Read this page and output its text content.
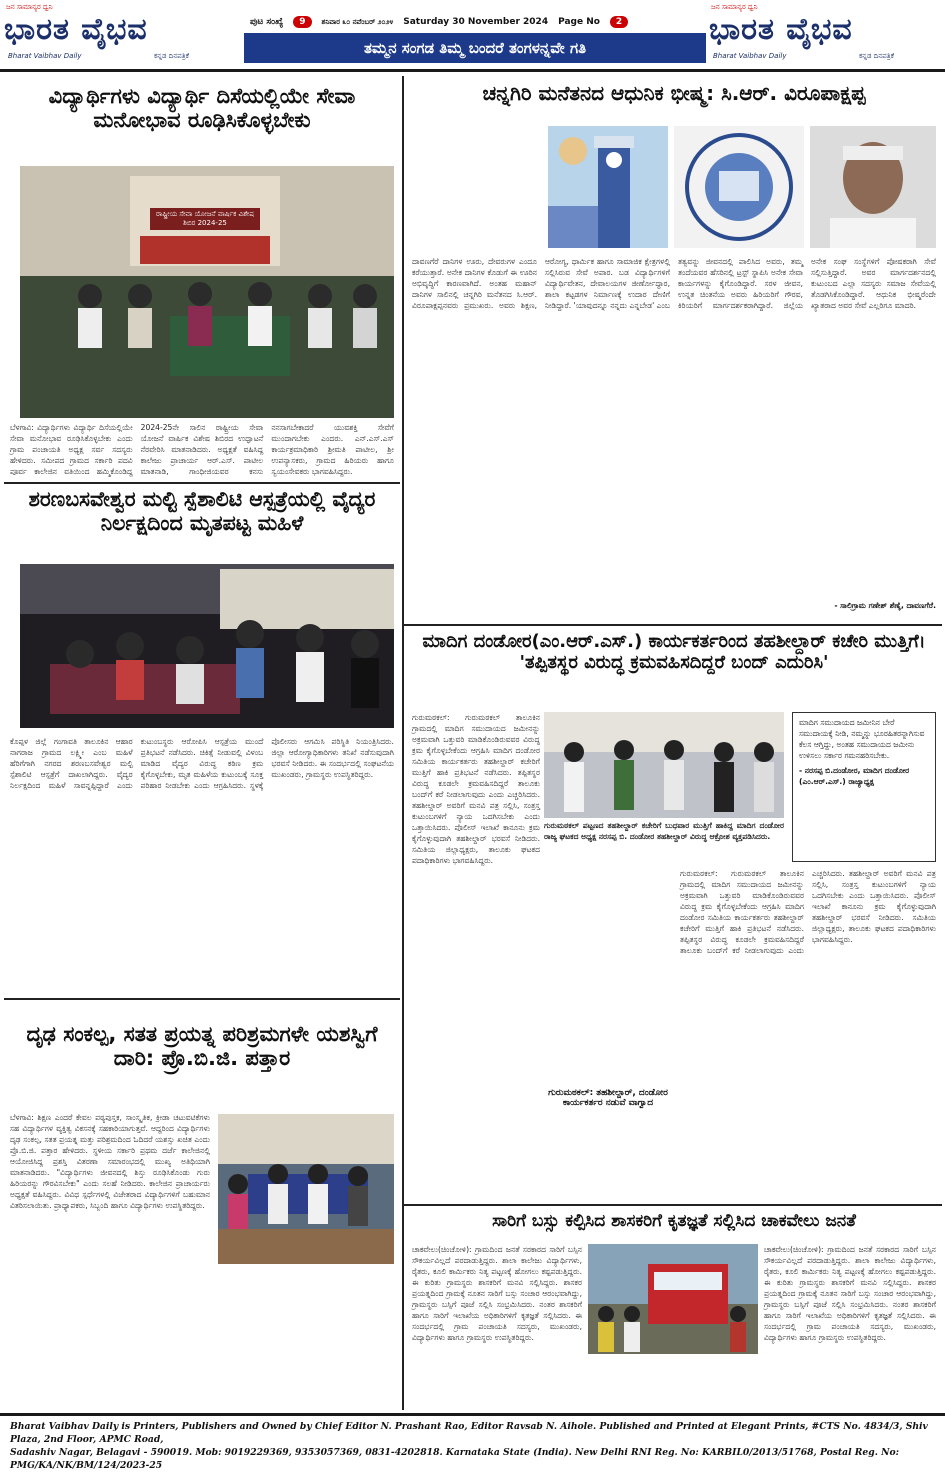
ಜನ ಸಾಮಾನ್ಯರ ಧ್ವನಿ
ಭಾರತ ವೈಭವ
Bharat Vaibhav Daily	ಕನ್ನಡ ದಿನಪತ್ರಿಕೆ
ಪುಟ ಸಂಖ್ಯೆ	9	ಶನಿವಾರ ೩೦ ನವೆಂಬರ್ ೨೦೨೪ Saturday 30 November 2024 Page No	2
ತಮ್ಮನ ಸಂಗಡ ತಿಮ್ಮ ಬಂದರೆ ತಂಗಳನ್ನವೇ ಗತಿ
ಜನ ಸಾಮಾನ್ಯರ ಧ್ವನಿ
ಭಾರತ ವೈಭವ
Bharat Vaibhav Daily	ಕನ್ನಡ ದಿನಪತ್ರಿಕೆ
ವಿದ್ಯಾರ್ಥಿಗಳು ವಿದ್ಯಾರ್ಥಿ ದಿಸೆಯಲ್ಲಿಯೇ ಸೇವಾ ಮನೋಭಾವ ರೂಢಿಸಿಕೊಳ್ಳಬೇಕು
ರಾಷ್ಟ್ರೀಯ ಸೇವಾ ಯೋಜನೆ ವಾರ್ಷಿಕ ವಿಶೇಷ ಶಿಬಿರ 2024-25
ಬೆಳಗಾವಿ: ವಿದ್ಯಾರ್ಥಿಗಳು ವಿದ್ಯಾರ್ಥಿ ದಿಸೆಯಲ್ಲಿಯೇ ಸೇವಾ ಮನೋಭಾವ ರೂಢಿಸಿಕೊಳ್ಳಬೇಕು ಎಂದು ಗ್ರಾಮ ಪಂಚಾಯತಿ ಅಧ್ಯಕ್ಷ ಸರ್ವ ಸದಸ್ಯರು ಹೇಳಿದರು. ಸಮೀಪದ ಗ್ರಾಮದ ಸರ್ಕಾರಿ ಪದವಿ ಪೂರ್ವ ಕಾಲೇಜಿನ ವತಿಯಿಂದ ಹಮ್ಮಿಕೊಂಡಿದ್ದ 2024-25ನೇ ಸಾಲಿನ ರಾಷ್ಟ್ರೀಯ ಸೇವಾ ಯೋಜನೆ ವಾರ್ಷಿಕ ವಿಶೇಷ ಶಿಬಿರದ ಉದ್ಘಾಟನೆ ನೆರವೇರಿಸಿ ಮಾತನಾಡಿದರು. ಅಧ್ಯಕ್ಷತೆ ವಹಿಸಿದ್ದ ಕಾಲೇಜು ಪ್ರಾಚಾರ್ಯ ಆರ್.ಎಸ್. ಪಾಟೀಲ ಮಾತನಾಡಿ, ಗಾಂಧೀಜಿಯವರ ಕನಸು ನನಸಾಗಬೇಕಾದರೆ ಯುವಶಕ್ತಿ ಸೇವೆಗೆ ಮುಂದಾಗಬೇಕು ಎಂದರು. ಎನ್.ಎಸ್.ಎಸ್ ಕಾರ್ಯಕ್ರಮಾಧಿಕಾರಿ ಶ್ರೀಮತಿ ಪಾಟೀಲ, ಶ್ರೀ ಉಪನ್ಯಾಸಕರು, ಗ್ರಾಮದ ಹಿರಿಯರು ಹಾಗೂ ಸ್ವಯಂಸೇವಕರು ಭಾಗವಹಿಸಿದ್ದರು.
ಶರಣಬಸವೇಶ್ವರ ಮಲ್ಟಿ ಸ್ಪೆಶಾಲಿಟಿ ಆಸ್ಪತ್ರೆಯಲ್ಲಿ ವೈದ್ಯರ ನಿರ್ಲಕ್ಷದಿಂದ ಮೃತಪಟ್ಟ ಮಹಿಳೆ
ಕೊಪ್ಪಳ ಜಿಲ್ಲೆ ಗಂಗಾವತಿ ತಾಲೂಕಿನ ಆಹಾರ ನಾಗರಾಜ ಗ್ರಾಮದ ಲಕ್ಷ್ಮೀ ಎಂಬ ಮಹಿಳೆ ಹೆರಿಗೆಗಾಗಿ ನಗರದ ಶರಣಬಸವೇಶ್ವರ ಮಲ್ಟಿ ಸ್ಪೆಶಾಲಿಟಿ ಆಸ್ಪತ್ರೆಗೆ ದಾಖಲಾಗಿದ್ದರು. ವೈದ್ಯರ ನಿರ್ಲಕ್ಷದಿಂದ ಮಹಿಳೆ ಸಾವನ್ನಪ್ಪಿದ್ದಾರೆ ಎಂದು ಕುಟುಂಬಸ್ಥರು ಆರೋಪಿಸಿ ಆಸ್ಪತ್ರೆಯ ಮುಂದೆ ಪ್ರತಿಭಟನೆ ನಡೆಸಿದರು. ಚಿಕಿತ್ಸೆ ನೀಡುವಲ್ಲಿ ವಿಳಂಬ ಮಾಡಿದ ವೈದ್ಯರ ವಿರುದ್ಧ ಕಠಿಣ ಕ್ರಮ ಕೈಗೊಳ್ಳಬೇಕು, ಮೃತ ಮಹಿಳೆಯ ಕುಟುಂಬಕ್ಕೆ ಸೂಕ್ತ ಪರಿಹಾರ ನೀಡಬೇಕು ಎಂದು ಆಗ್ರಹಿಸಿದರು. ಸ್ಥಳಕ್ಕೆ ಪೊಲೀಸರು ಆಗಮಿಸಿ ಪರಿಸ್ಥಿತಿ ನಿಯಂತ್ರಿಸಿದರು. ಜಿಲ್ಲಾ ಆರೋಗ್ಯಾಧಿಕಾರಿಗಳು ತನಿಖೆ ನಡೆಸುವುದಾಗಿ ಭರವಸೆ ನೀಡಿದರು. ಈ ಸಂದರ್ಭದಲ್ಲಿ ಸಂಘಟನೆಯ ಮುಖಂಡರು, ಗ್ರಾಮಸ್ಥರು ಉಪಸ್ಥಿತರಿದ್ದರು.
ದೃಢ ಸಂಕಲ್ಪ, ಸತತ ಪ್ರಯತ್ನ ಪರಿಶ್ರಮಗಳೇ ಯಶಸ್ವಿಗೆ ದಾರಿ: ಪ್ರೊ.ಬಿ.ಜಿ. ಪತ್ತಾರ
ಬೆಳಗಾವಿ: ಶಿಕ್ಷಣ ಎಂದರೆ ಕೇವಲ ಪಠ್ಯಪುಸ್ತಕ, ಸಾಂಸ್ಕೃತಿಕ, ಕ್ರೀಡಾ ಚಟುವಟಿಕೆಗಳು ಸಹ ವಿದ್ಯಾರ್ಥಿಗಳ ವ್ಯಕ್ತಿತ್ವ ವಿಕಸನಕ್ಕೆ ಸಹಕಾರಿಯಾಗುತ್ತವೆ. ಆದ್ದರಿಂದ ವಿದ್ಯಾರ್ಥಿಗಳು ದೃಢ ಸಂಕಲ್ಪ, ಸತತ ಪ್ರಯತ್ನ ಮತ್ತು ಪರಿಶ್ರಮದಿಂದ ಓದಿದರೆ ಯಶಸ್ಸು ಖಚಿತ ಎಂದು ಪ್ರೊ.ಬಿ.ಜಿ. ಪತ್ತಾರ ಹೇಳಿದರು. ಸ್ಥಳೀಯ ಸರ್ಕಾರಿ ಪ್ರಥಮ ದರ್ಜೆ ಕಾಲೇಜಿನಲ್ಲಿ ಆಯೋಜಿಸಿದ್ದ ಪ್ರಶಸ್ತಿ ವಿತರಣಾ ಸಮಾರಂಭದಲ್ಲಿ ಮುಖ್ಯ ಅತಿಥಿಯಾಗಿ ಮಾತನಾಡಿದರು. "ವಿದ್ಯಾರ್ಥಿಗಳು ಜೀವನದಲ್ಲಿ ಶಿಸ್ತು ರೂಢಿಸಿಕೊಂಡು ಗುರು ಹಿರಿಯರನ್ನು ಗೌರವಿಸಬೇಕು" ಎಂದು ಸಲಹೆ ನೀಡಿದರು. ಕಾಲೇಜಿನ ಪ್ರಾಚಾರ್ಯರು ಅಧ್ಯಕ್ಷತೆ ವಹಿಸಿದ್ದರು. ವಿವಿಧ ಸ್ಪರ್ಧೆಗಳಲ್ಲಿ ವಿಜೇತರಾದ ವಿದ್ಯಾರ್ಥಿಗಳಿಗೆ ಬಹುಮಾನ ವಿತರಿಸಲಾಯಿತು. ಪ್ರಾಧ್ಯಾಪಕರು, ಸಿಬ್ಬಂದಿ ಹಾಗೂ ವಿದ್ಯಾರ್ಥಿಗಳು ಉಪಸ್ಥಿತರಿದ್ದರು.
ಚನ್ನಗಿರಿ ಮನೆತನದ ಆಧುನಿಕ ಭೀಷ್ಮ: ಸಿ.ಆರ್. ವಿರೂಪಾಕ್ಷಪ್ಪ
ದಾವಣಗೆರೆ ದಾನಿಗಳ ಊರು, ದೇವರುಗಳ ಎಂದೂ ಕರೆಯುತ್ತಾರೆ. ಅನೇಕ ದಾನಿಗಳ ಕೊಡುಗೆ ಈ ಊರಿನ ಅಭಿವೃದ್ಧಿಗೆ ಕಾರಣವಾಗಿದೆ. ಅಂತಹ ಮಹಾನ್ ದಾನಿಗಳ ಸಾಲಿನಲ್ಲಿ ಚನ್ನಗಿರಿ ಮನೆತನದ ಸಿ.ಆರ್. ವಿರೂಪಾಕ್ಷಪ್ಪನವರು ಪ್ರಮುಖರು. ಅವರು ಶಿಕ್ಷಣ, ಆರೋಗ್ಯ, ಧಾರ್ಮಿಕ ಹಾಗೂ ಸಾಮಾಜಿಕ ಕ್ಷೇತ್ರಗಳಲ್ಲಿ ಸಲ್ಲಿಸಿರುವ ಸೇವೆ ಅಪಾರ. ಬಡ ವಿದ್ಯಾರ್ಥಿಗಳಿಗೆ ವಿದ್ಯಾರ್ಥಿವೇತನ, ದೇವಾಲಯಗಳ ಜೀರ್ಣೋದ್ಧಾರ, ಶಾಲಾ ಕಟ್ಟಡಗಳ ನಿರ್ಮಾಣಕ್ಕೆ ಉದಾರ ದೇಣಿಗೆ ನೀಡಿದ್ದಾರೆ. 'ಯಾವುದನ್ನೂ ನನ್ನದು ಎನ್ನಬೇಡ' ಎಂಬ ತತ್ವವನ್ನು ಜೀವನದಲ್ಲಿ ಪಾಲಿಸಿದ ಅವರು, ತಮ್ಮ ತಂದೆಯವರ ಹೆಸರಿನಲ್ಲಿ ಟ್ರಸ್ಟ್ ಸ್ಥಾಪಿಸಿ ಅನೇಕ ಸೇವಾ ಕಾರ್ಯಗಳನ್ನು ಕೈಗೊಂಡಿದ್ದಾರೆ. ಸರಳ ಜೀವನ, ಉನ್ನತ ಚಿಂತನೆಯ ಅವರು ಹಿರಿಯರಿಗೆ ಗೌರವ, ಕಿರಿಯರಿಗೆ ಮಾರ್ಗದರ್ಶಕರಾಗಿದ್ದಾರೆ. ಜಿಲ್ಲೆಯ ಅನೇಕ ಸಂಘ ಸಂಸ್ಥೆಗಳಿಗೆ ಪೋಷಕರಾಗಿ ಸೇವೆ ಸಲ್ಲಿಸುತ್ತಿದ್ದಾರೆ. ಅವರ ಮಾರ್ಗದರ್ಶನದಲ್ಲಿ ಕುಟುಂಬದ ಎಲ್ಲಾ ಸದಸ್ಯರು ಸಮಾಜ ಸೇವೆಯಲ್ಲಿ ತೊಡಗಿಸಿಕೊಂಡಿದ್ದಾರೆ. ಆಧುನಿಕ ಭೀಷ್ಮರೆಂದೇ ಖ್ಯಾತರಾದ ಅವರ ಸೇವೆ ಎಲ್ಲರಿಗೂ ಮಾದರಿ.
- ಸಾಲಿಗ್ರಾಮ ಗಣೇಶ್ ಶೆಣೈ, ದಾವಣಗೆರೆ.
ಮಾದಿಗ ದಂಡೋರ(ಎಂ.ಆರ್.ಎಸ್.) ಕಾರ್ಯಕರ್ತರಿಂದ ತಹಶೀಲ್ದಾರ್ ಕಚೇರಿ ಮುತ್ತಿಗೆ। 'ತಪ್ಪಿತಸ್ಥರ ವಿರುದ್ಧ ಕ್ರಮವಹಿಸದಿದ್ದರೆ ಬಂದ್ ಎದುರಿಸಿ'
ಗುರುಮಠಕಲ್ ಪಟ್ಟಣದ ತಹಶೀಲ್ದಾರ್ ಕಚೇರಿಗೆ ಬುಧವಾರ ಮುತ್ತಿಗೆ ಹಾಕಿದ್ದ ಮಾದಿಗ ದಂಡೋರ ರಾಜ್ಯ ಘಟಕದ ಅಧ್ಯಕ್ಷ ನರಸಪ್ಪ ಬಿ. ದಂಡೋರ ತಹಶೀಲ್ದಾರ್ ವಿರುದ್ಧ ಆಕ್ರೋಶ ವ್ಯಕ್ತಪಡಿಸಿದರು.
ಗುರುಮಠಕಲ್: ಗುರುಮಠಕಲ್ ತಾಲೂಕಿನ ಗ್ರಾಮದಲ್ಲಿ ಮಾದಿಗ ಸಮುದಾಯದ ಜಮೀನನ್ನು ಅಕ್ರಮವಾಗಿ ಒತ್ತುವರಿ ಮಾಡಿಕೊಂಡಿರುವವರ ವಿರುದ್ಧ ಕ್ರಮ ಕೈಗೊಳ್ಳಬೇಕೆಂದು ಆಗ್ರಹಿಸಿ ಮಾದಿಗ ದಂಡೋರ ಸಮಿತಿಯ ಕಾರ್ಯಕರ್ತರು ತಹಶೀಲ್ದಾರ್ ಕಚೇರಿಗೆ ಮುತ್ತಿಗೆ ಹಾಕಿ ಪ್ರತಿಭಟನೆ ನಡೆಸಿದರು. ತಪ್ಪಿತಸ್ಥರ ವಿರುದ್ಧ ಕೂಡಲೇ ಕ್ರಮವಹಿಸದಿದ್ದರೆ ತಾಲೂಕು ಬಂದ್‌ಗೆ ಕರೆ ನೀಡಲಾಗುವುದು ಎಂದು ಎಚ್ಚರಿಸಿದರು. ತಹಶೀಲ್ದಾರ್ ಅವರಿಗೆ ಮನವಿ ಪತ್ರ ಸಲ್ಲಿಸಿ, ಸಂತ್ರಸ್ತ ಕುಟುಂಬಗಳಿಗೆ ನ್ಯಾಯ ಒದಗಿಸಬೇಕು ಎಂದು ಒತ್ತಾಯಿಸಿದರು. ಪೊಲೀಸ್ ಇಲಾಖೆ ಕಾನೂನು ಕ್ರಮ ಕೈಗೊಳ್ಳುವುದಾಗಿ ತಹಶೀಲ್ದಾರ್ ಭರವಸೆ ನೀಡಿದರು. ಸಮಿತಿಯ ಜಿಲ್ಲಾಧ್ಯಕ್ಷರು, ತಾಲೂಕು ಘಟಕದ ಪದಾಧಿಕಾರಿಗಳು ಭಾಗವಹಿಸಿದ್ದರು.
ಮಾದಿಗ ಸಮುದಾಯದ ಜಮೀನಿನ ಬೇರೆ ಸಮುದಾಯಕ್ಕೆ ನೀಡಿ, ನಮ್ಮನ್ನು ಭೂರಹಿತರನ್ನಾಗಿಸುವ ಕೆಲಸ ಆಗ್ತಿದ್ದು, ಅಂತಹ ಸಮುದಾಯದ ಜಮೀನು ಉಳಿಸಲು ಸರ್ಕಾರ ಗಮನಹರಿಸಬೇಕು.
- ನರಸಪ್ಪ ಬಿ.ದಂಡೋರ, ಮಾದಿಗ ದಂಡೋರ (ಎಂ.ಆರ್.ಎಸ್.) ರಾಜ್ಯಾಧ್ಯಕ್ಷ
ಗುರುಮಠಕಲ್: ತಹಶೀಲ್ದಾರ್, ದಂಡೋರ ಕಾರ್ಯಕರ್ತರ ನಡುವೆ ವಾಗ್ವಾದ
ಗುರುಮಠಕಲ್: ಗುರುಮಠಕಲ್ ತಾಲೂಕಿನ ಗ್ರಾಮದಲ್ಲಿ ಮಾದಿಗ ಸಮುದಾಯದ ಜಮೀನನ್ನು ಅಕ್ರಮವಾಗಿ ಒತ್ತುವರಿ ಮಾಡಿಕೊಂಡಿರುವವರ ವಿರುದ್ಧ ಕ್ರಮ ಕೈಗೊಳ್ಳಬೇಕೆಂದು ಆಗ್ರಹಿಸಿ ಮಾದಿಗ ದಂಡೋರ ಸಮಿತಿಯ ಕಾರ್ಯಕರ್ತರು ತಹಶೀಲ್ದಾರ್ ಕಚೇರಿಗೆ ಮುತ್ತಿಗೆ ಹಾಕಿ ಪ್ರತಿಭಟನೆ ನಡೆಸಿದರು. ತಪ್ಪಿತಸ್ಥರ ವಿರುದ್ಧ ಕೂಡಲೇ ಕ್ರಮವಹಿಸದಿದ್ದರೆ ತಾಲೂಕು ಬಂದ್‌ಗೆ ಕರೆ ನೀಡಲಾಗುವುದು ಎಂದು ಎಚ್ಚರಿಸಿದರು. ತಹಶೀಲ್ದಾರ್ ಅವರಿಗೆ ಮನವಿ ಪತ್ರ ಸಲ್ಲಿಸಿ, ಸಂತ್ರಸ್ತ ಕುಟುಂಬಗಳಿಗೆ ನ್ಯಾಯ ಒದಗಿಸಬೇಕು ಎಂದು ಒತ್ತಾಯಿಸಿದರು. ಪೊಲೀಸ್ ಇಲಾಖೆ ಕಾನೂನು ಕ್ರಮ ಕೈಗೊಳ್ಳುವುದಾಗಿ ತಹಶೀಲ್ದಾರ್ ಭರವಸೆ ನೀಡಿದರು. ಸಮಿತಿಯ ಜಿಲ್ಲಾಧ್ಯಕ್ಷರು, ತಾಲೂಕು ಘಟಕದ ಪದಾಧಿಕಾರಿಗಳು ಭಾಗವಹಿಸಿದ್ದರು.
ಸಾರಿಗೆ ಬಸ್ಸು ಕಲ್ಪಿಸಿದ ಶಾಸಕರಿಗೆ ಕೃತಜ್ಞತೆ ಸಲ್ಲಿಸಿದ ಚಾಕವೇಲು ಜನತೆ
ಚಾಕವೇಲು(ಚಿಂಚೋಳಿ): ಗ್ರಾಮದಿಂದ ಜನತೆ ಸರಕಾರದ ಸಾರಿಗೆ ಬಸ್ಸಿನ ಸೌಕರ್ಯವಿಲ್ಲದೆ ಪರದಾಡುತ್ತಿದ್ದರು. ಶಾಲಾ ಕಾಲೇಜು ವಿದ್ಯಾರ್ಥಿಗಳು, ರೈತರು, ಕೂಲಿ ಕಾರ್ಮಿಕರು ನಿತ್ಯ ಪಟ್ಟಣಕ್ಕೆ ಹೋಗಲು ಕಷ್ಟಪಡುತ್ತಿದ್ದರು. ಈ ಕುರಿತು ಗ್ರಾಮಸ್ಥರು ಶಾಸಕರಿಗೆ ಮನವಿ ಸಲ್ಲಿಸಿದ್ದರು. ಶಾಸಕರ ಪ್ರಯತ್ನದಿಂದ ಗ್ರಾಮಕ್ಕೆ ನೂತನ ಸಾರಿಗೆ ಬಸ್ಸು ಸಂಚಾರ ಆರಂಭವಾಗಿದ್ದು, ಗ್ರಾಮಸ್ಥರು ಬಸ್ಸಿಗೆ ಪೂಜೆ ಸಲ್ಲಿಸಿ ಸಂಭ್ರಮಿಸಿದರು. ನಂತರ ಶಾಸಕರಿಗೆ ಹಾಗೂ ಸಾರಿಗೆ ಇಲಾಖೆಯ ಅಧಿಕಾರಿಗಳಿಗೆ ಕೃತಜ್ಞತೆ ಸಲ್ಲಿಸಿದರು. ಈ ಸಂದರ್ಭದಲ್ಲಿ ಗ್ರಾಮ ಪಂಚಾಯತಿ ಸದಸ್ಯರು, ಮುಖಂಡರು, ವಿದ್ಯಾರ್ಥಿಗಳು ಹಾಗೂ ಗ್ರಾಮಸ್ಥರು ಉಪಸ್ಥಿತರಿದ್ದರು.
ಚಾಕವೇಲು(ಚಿಂಚೋಳಿ): ಗ್ರಾಮದಿಂದ ಜನತೆ ಸರಕಾರದ ಸಾರಿಗೆ ಬಸ್ಸಿನ ಸೌಕರ್ಯವಿಲ್ಲದೆ ಪರದಾಡುತ್ತಿದ್ದರು. ಶಾಲಾ ಕಾಲೇಜು ವಿದ್ಯಾರ್ಥಿಗಳು, ರೈತರು, ಕೂಲಿ ಕಾರ್ಮಿಕರು ನಿತ್ಯ ಪಟ್ಟಣಕ್ಕೆ ಹೋಗಲು ಕಷ್ಟಪಡುತ್ತಿದ್ದರು. ಈ ಕುರಿತು ಗ್ರಾಮಸ್ಥರು ಶಾಸಕರಿಗೆ ಮನವಿ ಸಲ್ಲಿಸಿದ್ದರು. ಶಾಸಕರ ಪ್ರಯತ್ನದಿಂದ ಗ್ರಾಮಕ್ಕೆ ನೂತನ ಸಾರಿಗೆ ಬಸ್ಸು ಸಂಚಾರ ಆರಂಭವಾಗಿದ್ದು, ಗ್ರಾಮಸ್ಥರು ಬಸ್ಸಿಗೆ ಪೂಜೆ ಸಲ್ಲಿಸಿ ಸಂಭ್ರಮಿಸಿದರು. ನಂತರ ಶಾಸಕರಿಗೆ ಹಾಗೂ ಸಾರಿಗೆ ಇಲಾಖೆಯ ಅಧಿಕಾರಿಗಳಿಗೆ ಕೃತಜ್ಞತೆ ಸಲ್ಲಿಸಿದರು. ಈ ಸಂದರ್ಭದಲ್ಲಿ ಗ್ರಾಮ ಪಂಚಾಯತಿ ಸದಸ್ಯರು, ಮುಖಂಡರು, ವಿದ್ಯಾರ್ಥಿಗಳು ಹಾಗೂ ಗ್ರಾಮಸ್ಥರು ಉಪಸ್ಥಿತರಿದ್ದರು.
Bharat Vaibhav Daily is Printers, Publishers and Owned by Chief Editor N. Prashant Rao, Editor Ravsab N. Aihole. Published and Printed at Elegant Prints, #CTS No. 4834/3, Shiv Plaza, 2nd Floor, APMC Road,
Sadashiv Nagar, Belagavi - 590019. Mob: 9019229369, 9353057369, 0831-4202818. Karnataka State (India). New Delhi RNI Reg. No: KARBIL0/2013/51768, Postal Reg. No: PMG/KA/NK/BM/124/2023-25
